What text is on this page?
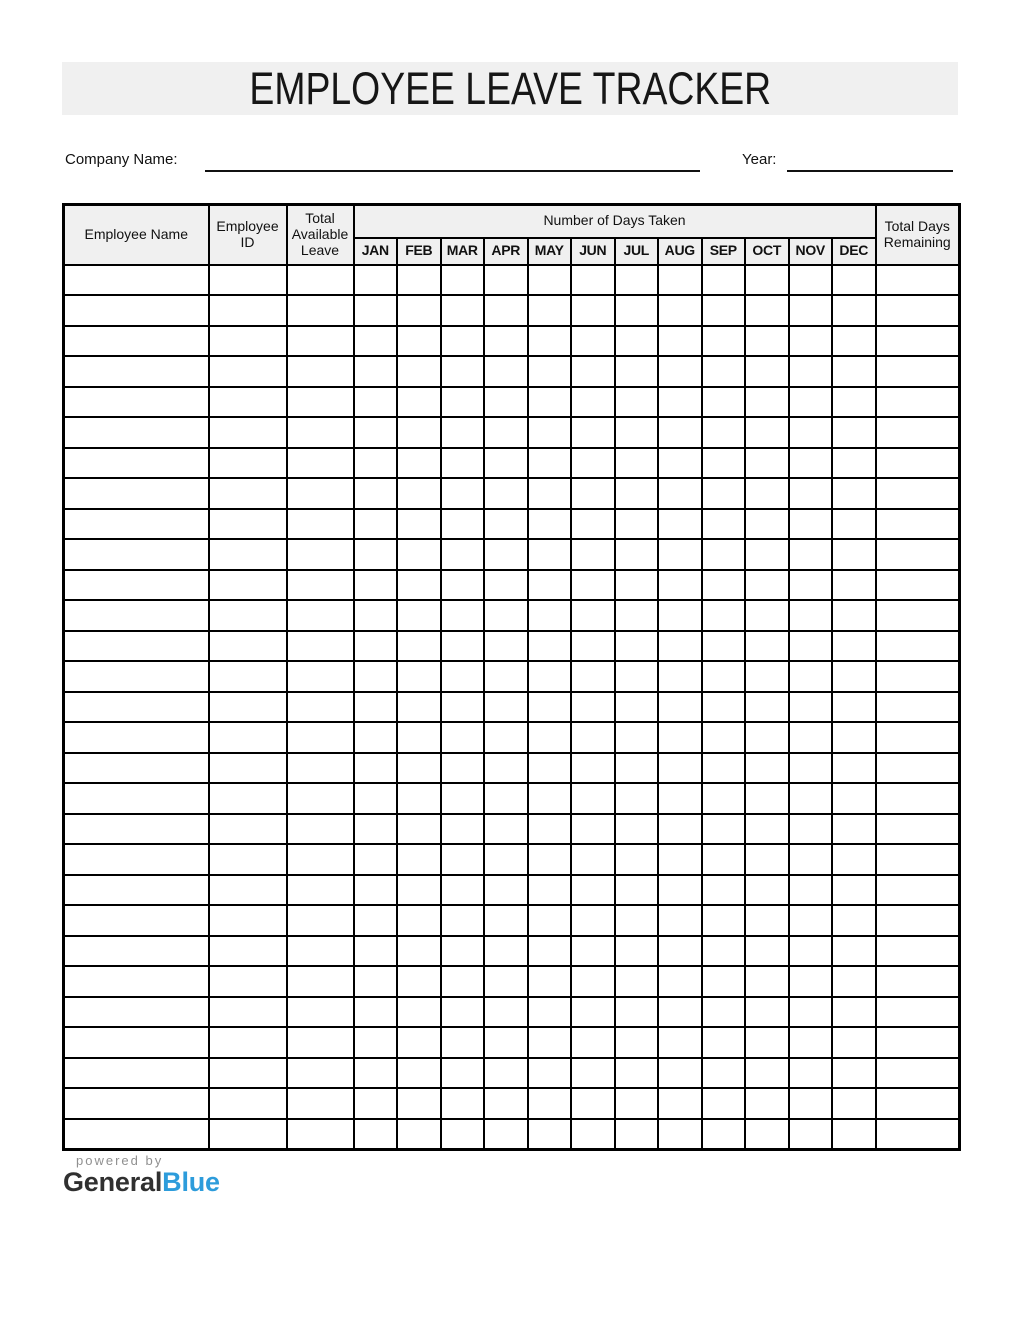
EMPLOYEE LEAVE TRACKER
Company Name:	Year:
Employee Name	Employee ID	Total Available Leave	Number of Days Taken												Total Days Remaining
			JAN	FEB	MAR	APR	MAY	JUN	JUL	AUG	SEP	OCT	NOV	DEC	

powered by
GeneralBlue
